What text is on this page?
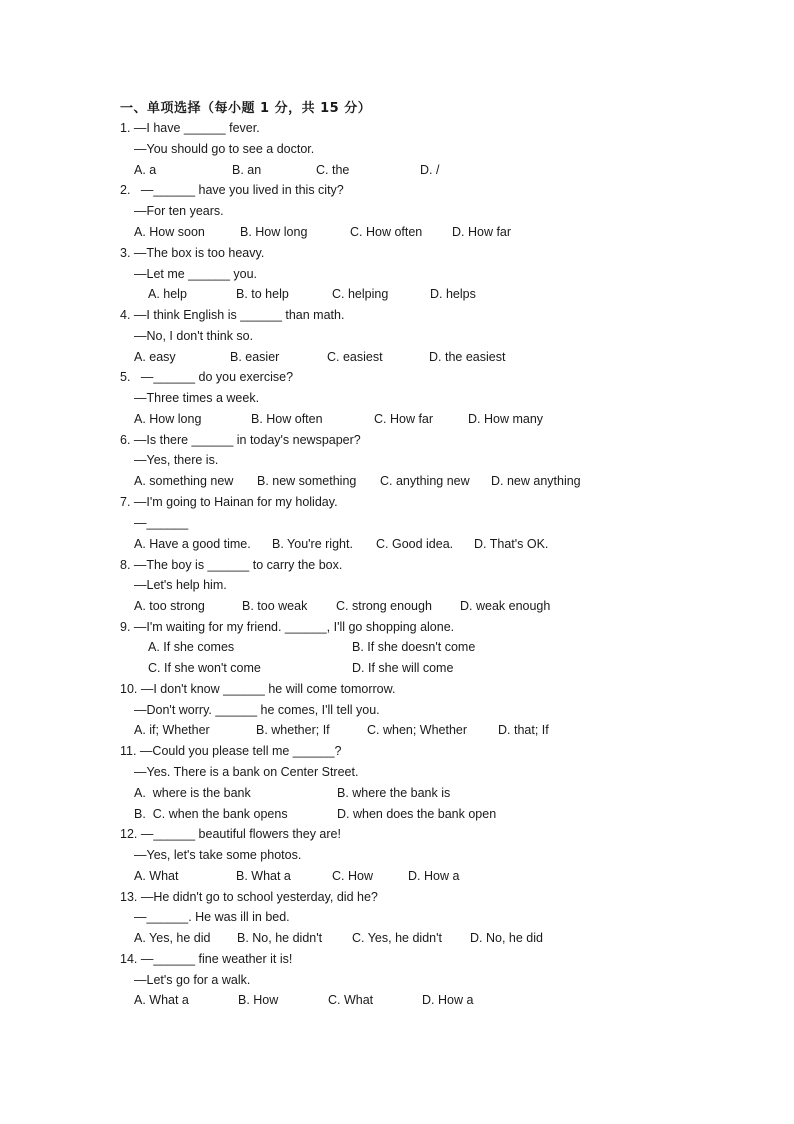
一、单项选择（每小题 1 分，共 15 分）
1. —I have ______ fever.
—You should go to see a doctor.
A. a	B. an	C. the	D. /
2.   —______ have you lived in this city?
—For ten years.
A. How soon	B. How long	C. How often D. How far
3. —The box is too heavy.
—Let me ______ you.
A. help	B. to help	C. helping	D. helps
4. —I think English is ______ than math.
—No, I don't think so.
A. easy	B. easier	C. easiest	D. the easiest
5.   —______ do you exercise?
—Three times a week.
A. How long	B. How often	C. How far	D. How many
6. —Is there ______ in today's newspaper?
—Yes, there is.
A. something new B. new something C. anything new D. new anything
7. —I'm going to Hainan for my holiday.
—______
A. Have a good time. B. You're right. C. Good idea. D. That's OK.
8. —The boy is ______ to carry the box.
—Let's help him.
A. too strong	B. too weak C. strong enough D. weak enough
9. —I'm waiting for my friend. ______, I'll go shopping alone.
A. If she comes	B. If she doesn't come
C. If she won't come	D. If she will come
10. —I don't know ______ he will come tomorrow.
—Don't worry. ______ he comes, I'll tell you.
A. if; Whether	B. whether; If	C. when; Whether D. that; If
11. —Could you please tell me ______?
—Yes. There is a bank on Center Street.
A.  where is the bank	B. where the bank is
B.  C. when the bank opens	D. when does the bank open
12. —______ beautiful flowers they are!
—Yes, let's take some photos.
A. What	B. What a	C. How	D. How a
13. —He didn't go to school yesterday, did he?
—______. He was ill in bed.
A. Yes, he did B. No, he didn't C. Yes, he didn't D. No, he did
14. —______ fine weather it is!
—Let's go for a walk.
A. What a	B. How	C. What	D. How a
